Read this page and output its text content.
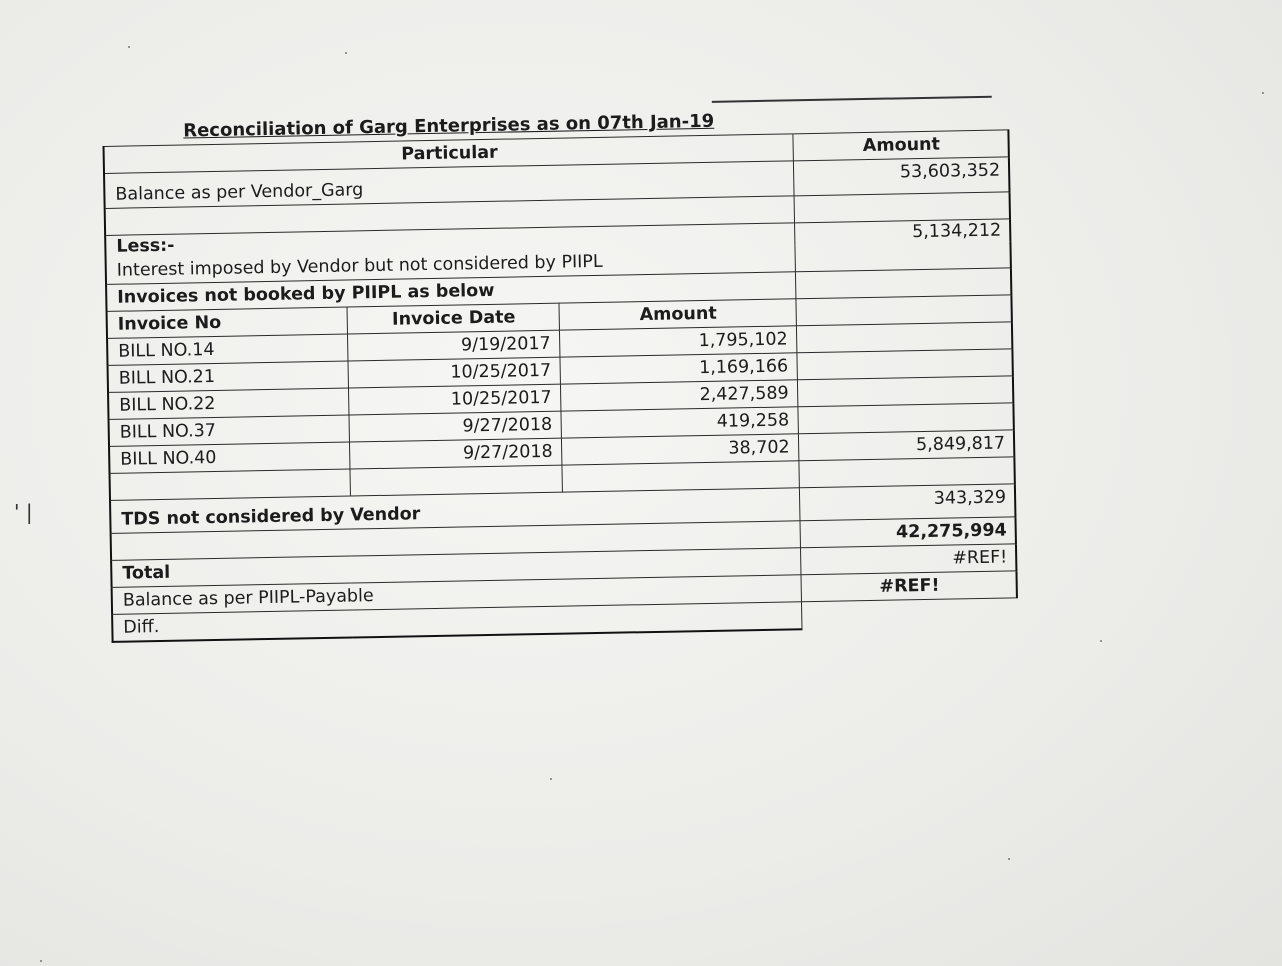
' |
Reconciliation of Garg Enterprises as on 07th Jan-19			
Particular			Amount
Balance as per Vendor_Garg			53,603,352

Less:-			5,134,212
Interest imposed by Vendor but not considered by PIIPL			
Invoices not booked by PIIPL as below			
Invoice No	Invoice Date	Amount	
BILL NO.14	9/19/2017	1,795,102	
BILL NO.21	10/25/2017	1,169,166	
BILL NO.22	10/25/2017	2,427,589	
BILL NO.37	9/27/2018	419,258	
BILL NO.40	9/27/2018	38,702	5,849,817

TDS not considered by Vendor			343,329
			42,275,994
Total			#REF!
Balance as per PIIPL-Payable			#REF!
Diff.			
